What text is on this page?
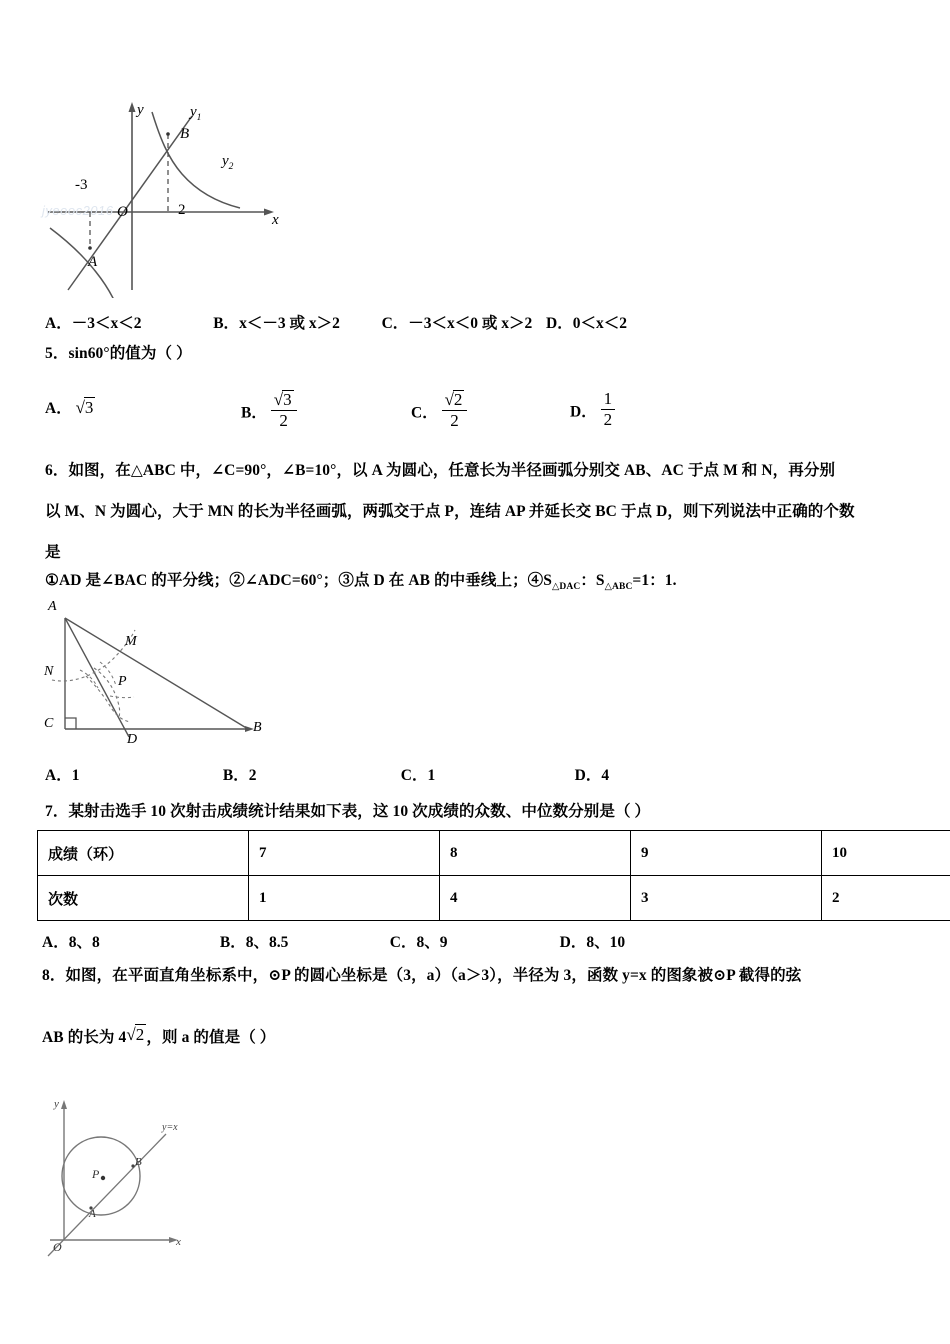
jyeooc2016
y
x
O	2
-3
B
A
$y_1$
$y_2$
A．－3＜x＜2	B．x＜－3 或 x＞2	C．－3＜x＜0 或 x＞2 D．0＜x＜2
5．sin60°的值为（ ）
A． √3	B． $\frac{√3}{2}$	C． $\frac{√2}{2}$	D． $\frac{1}{2}$
6．如图，在△ABC 中，∠C=90°，∠B=10°，以 A 为圆心，任意长为半径画弧分别交 AB、AC 于点 M 和 N，再分别
以 M、N 为圆心，大于 MN 的长为半径画弧，两弧交于点 P，连结 AP 并延长交 BC 于点 D，则下列说法中正确的个数
是
①AD 是∠BAC 的平分线；②∠ADC=60°；③点 D 在 AB 的中垂线上；$④S_{\triangle DAC}$：$S_{\triangle ABC}=1$：1.
A
C	B
D
M
N
P
A．1	B．2	C．1	D．4
7．某射击选手 10 次射击成绩统计结果如下表，这 10 次成绩的众数、中位数分别是（ ）
成绩（环）	7	8	9	10
次数	1	4	3	2
A．8、8	B．8、8.5	C．8、9	D．8、10
8．如图，在平面直角坐标系中，⊙P 的圆心坐标是（3，a）（a＞3），半径为 3，函数 y=x 的图象被⊙P 截得的弦
AB 的长为 4√2 ，则 a 的值是（ ）
y
x
O
P
A
B
y=x
